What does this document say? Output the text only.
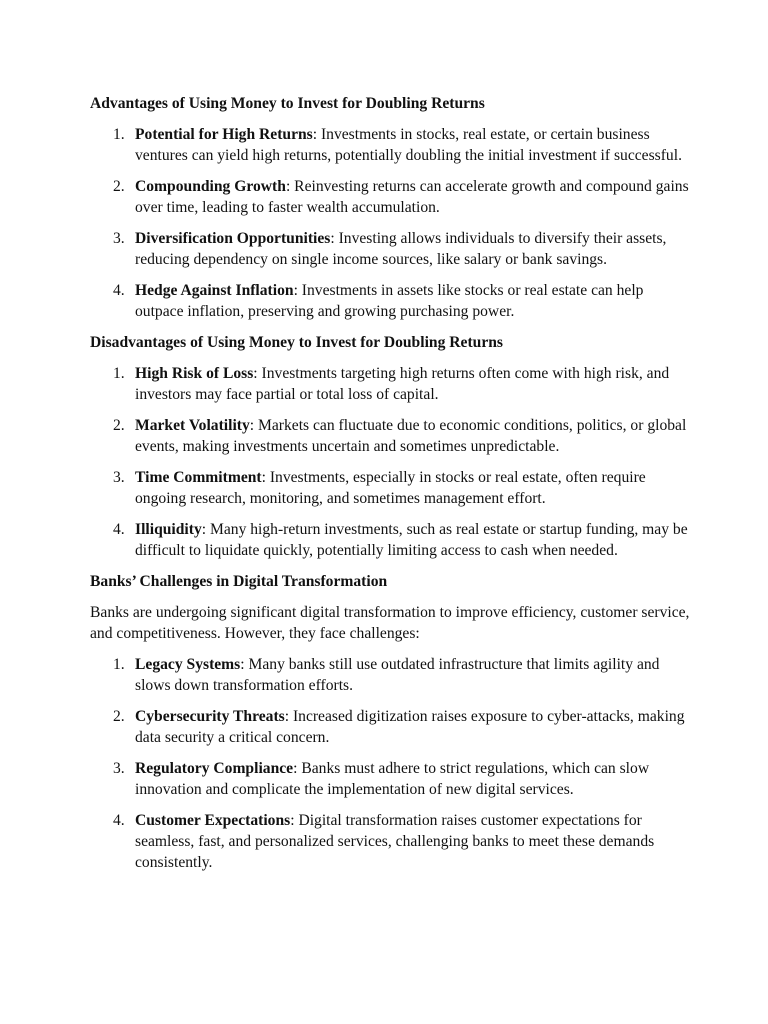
Advantages of Using Money to Invest for Doubling Returns
1. Potential for High Returns: Investments in stocks, real estate, or certain business ventures can yield high returns, potentially doubling the initial investment if successful.
2. Compounding Growth: Reinvesting returns can accelerate growth and compound gains over time, leading to faster wealth accumulation.
3. Diversification Opportunities: Investing allows individuals to diversify their assets, reducing dependency on single income sources, like salary or bank savings.
4. Hedge Against Inflation: Investments in assets like stocks or real estate can help outpace inflation, preserving and growing purchasing power.
Disadvantages of Using Money to Invest for Doubling Returns
1. High Risk of Loss: Investments targeting high returns often come with high risk, and investors may face partial or total loss of capital.
2. Market Volatility: Markets can fluctuate due to economic conditions, politics, or global events, making investments uncertain and sometimes unpredictable.
3. Time Commitment: Investments, especially in stocks or real estate, often require ongoing research, monitoring, and sometimes management effort.
4. Illiquidity: Many high-return investments, such as real estate or startup funding, may be difficult to liquidate quickly, potentially limiting access to cash when needed.
Banks’ Challenges in Digital Transformation

Banks are undergoing significant digital transformation to improve efficiency, customer service, and competitiveness. However, they face challenges:

1. Legacy Systems: Many banks still use outdated infrastructure that limits agility and slows down transformation efforts.
2. Cybersecurity Threats: Increased digitization raises exposure to cyber-attacks, making data security a critical concern.
3. Regulatory Compliance: Banks must adhere to strict regulations, which can slow innovation and complicate the implementation of new digital services.
4. Customer Expectations: Digital transformation raises customer expectations for seamless, fast, and personalized services, challenging banks to meet these demands consistently.
